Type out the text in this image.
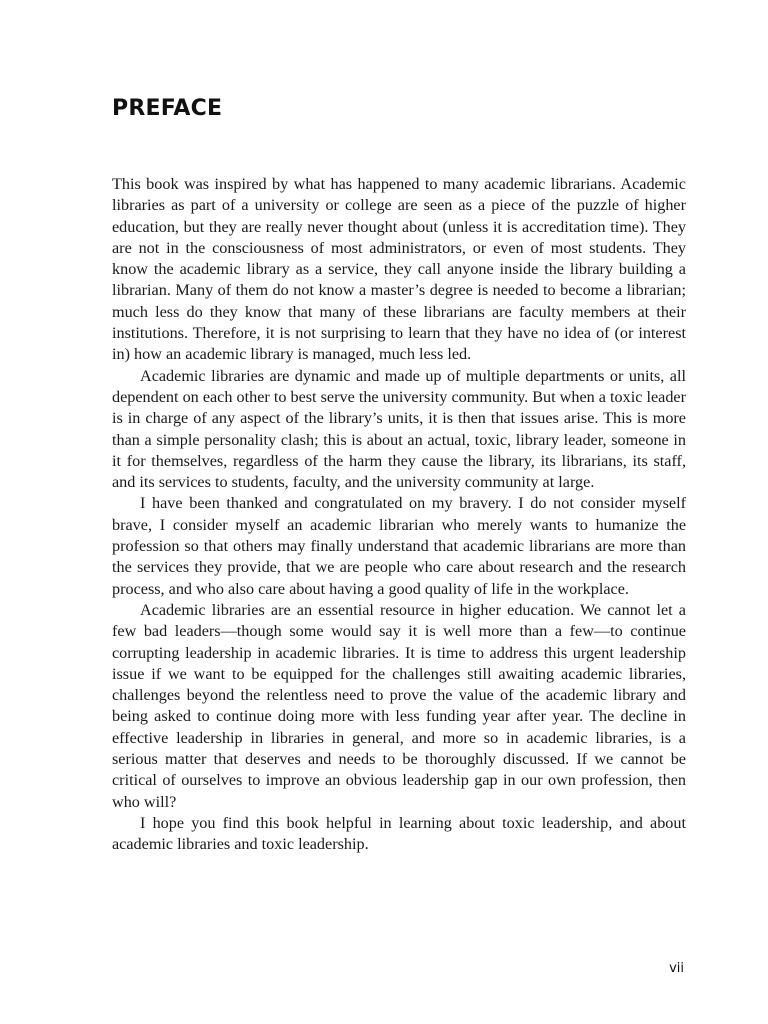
PREFACE

This book was inspired by what has happened to many academic librarians. Academic libraries as part of a university or college are seen as a piece of the puzzle of higher education, but they are really never thought about (unless it is accreditation time). They are not in the consciousness of most administrators, or even of most students. They know the academic library as a service, they call anyone inside the library building a librarian. Many of them do not know a master’s degree is needed to become a librarian; much less do they know that many of these librarians are faculty members at their institutions. Therefore, it is not surprising to learn that they have no idea of (or interest in) how an academic library is managed, much less led.

Academic libraries are dynamic and made up of multiple departments or units, all dependent on each other to best serve the university community. But when a toxic leader is in charge of any aspect of the library’s units, it is then that issues arise. This is more than a simple personality clash; this is about an actual, toxic, library leader, someone in it for themselves, regardless of the harm they cause the library, its librarians, its staff, and its services to students, faculty, and the university community at large.

I have been thanked and congratulated on my bravery. I do not consider myself brave, I consider myself an academic librarian who merely wants to humanize the profession so that others may finally understand that academic librarians are more than the services they provide, that we are people who care about research and the research process, and who also care about having a good quality of life in the workplace.

Academic libraries are an essential resource in higher education. We cannot let a few bad leaders—though some would say it is well more than a few—to continue corrupting leadership in academic libraries. It is time to address this urgent leadership issue if we want to be equipped for the challenges still awaiting academic libraries, challenges beyond the relentless need to prove the value of the academic library and being asked to continue doing more with less funding year after year. The decline in effective leadership in libraries in general, and more so in academic libraries, is a serious matter that deserves and needs to be thoroughly discussed. If we cannot be critical of ourselves to improve an obvious leadership gap in our own profession, then who will?

I hope you find this book helpful in learning about toxic leadership, and about academic libraries and toxic leadership.

vii
